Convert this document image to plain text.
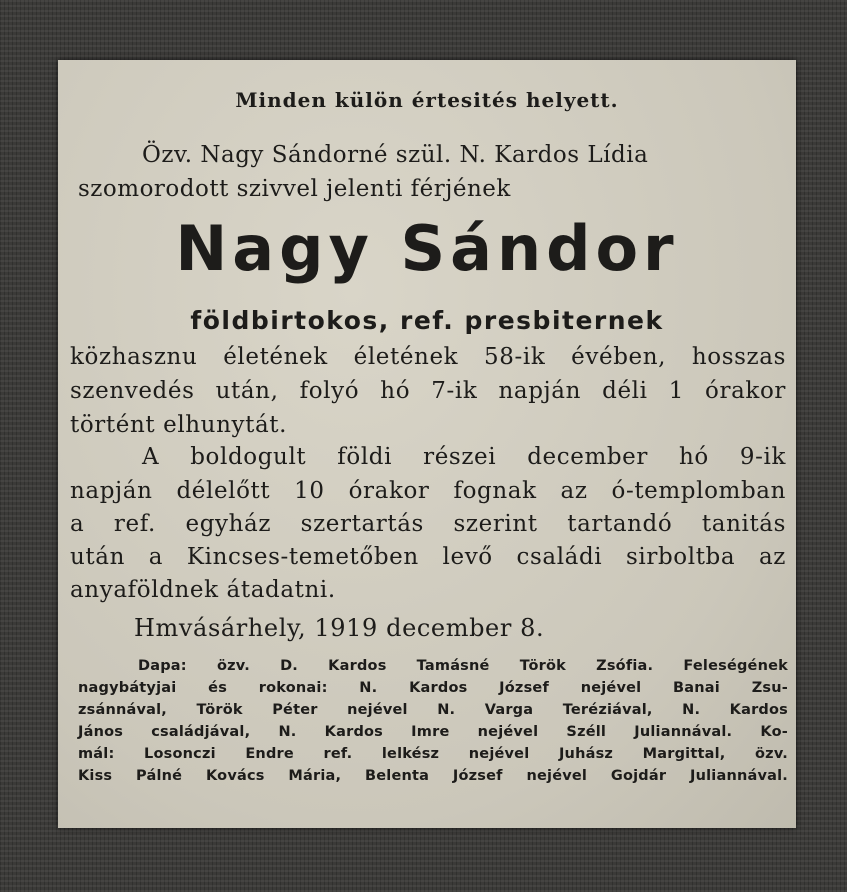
Minden külön értesités helyett.
Özv. Nagy Sándorné szül. N. Kardos Lídia
szomorodott szivvel jelenti férjének
Nagy Sándor
földbirtokos, ref. presbiternek
közhasznu életének életének 58-ik évében, hosszas
szenvedés után, folyó hó 7-ik napján déli 1 órakor
történt elhunytát.
A boldogult földi részei december hó 9-ik
napján délelőtt 10 órakor fognak az ó-templomban
a ref. egyház szertartás szerint tartandó tanitás
után a Kincses-temetőben levő családi sirboltba az
anyaföldnek átadatni.
Hmvásárhely, 1919 december 8.
Dapa: özv. D. Kardos Tamásné Török Zsófia. Feleségének
nagybátyjai és rokonai: N. Kardos József nejével Banai Zsu-
zsánnával, Török Péter nejével N. Varga Teréziával, N. Kardos
János családjával, N. Kardos Imre nejével Széll Juliannával. Ko-
mál: Losonczi Endre ref. lelkész nejével Juhász Margittal, özv.
Kiss Pálné Kovács Mária, Belenta József nejével Gojdár Juliannával.
